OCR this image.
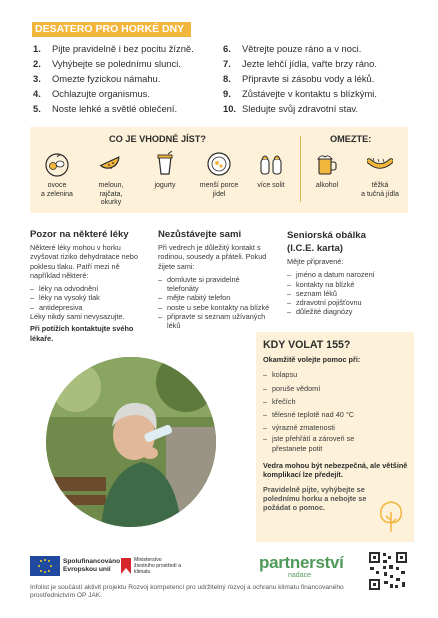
DESATERO PRO HORKÉ DNY
1. Pijte pravidelně i bez pocitu žízně.
2. Vyhýbejte se polednímu slunci.
3. Omezte fyzickou námahu.
4. Ochlazujte organismus.
5. Noste lehké a světlé oblečení.
6. Větrejte pouze ráno a v noci.
7. Jezte lehčí jídla, vařte brzy ráno.
8. Připravte si zásobu vody a léků.
9. Zůstávejte v kontaktu s blízkými.
10. Sledujte svůj zdravotní stav.
CO JE VHODNÉ JÍST?	OMEZTE:
ovoce
a zelenina
meloun,
rajčata,
okurky
jogurty	menší porce
jídel
více solit	alkohol	těžká
a tučná jídla
Pozor na některé léky

Některé léky mohou v horku zvyšovat riziko dehydratace nebo poklesu tlaku. Patří mezi ně například některé:

– léky na odvodnění
– léky na vysoký tlak
– antidepresiva

Léky nikdy sami nevysazujte.

Při potížích kontaktujte svého lékaře.

Nezůstávejte sami

Při vedrech je důležitý kontakt s rodinou, sousedy a přáteli. Pokud žijete sami:

– domluvte si pravidelné telefonáty
– mějte nabitý telefon
– noste u sebe kontakty na blízké
– připravte si seznam užívaných léků
Seniorská obálka
(I.C.E. karta)

Mějte připravené:

– jméno a datum narození
– kontakty na blízké
– seznam léků
– zdravotní pojišťovnu
– důležité diagnózy
KDY VOLAT 155?

Okamžitě volejte pomoc při:

– kolapsu
– poruše vědomí
– křečích
– tělesné teplotě nad 40 °C
– výrazné zmatenosti
– jste přehřátí a zároveň se přestanete potit

Vedra mohou být nebezpečná, ale většině komplikací lze předejít.

Pravidelně pijte, vyhýbejte se polednímu horku a nebojte se požádat o pomoc.

Spolufinancováno Evropskou unií
Ministerstvo životního prostředí a klimatu	partnerství
nadace
Infolist je součástí aktivit projektu Rozvoj kompetencí pro udržitelný rozvoj a ochranu klimatu financovaného prostřednictvím OP JAK.
